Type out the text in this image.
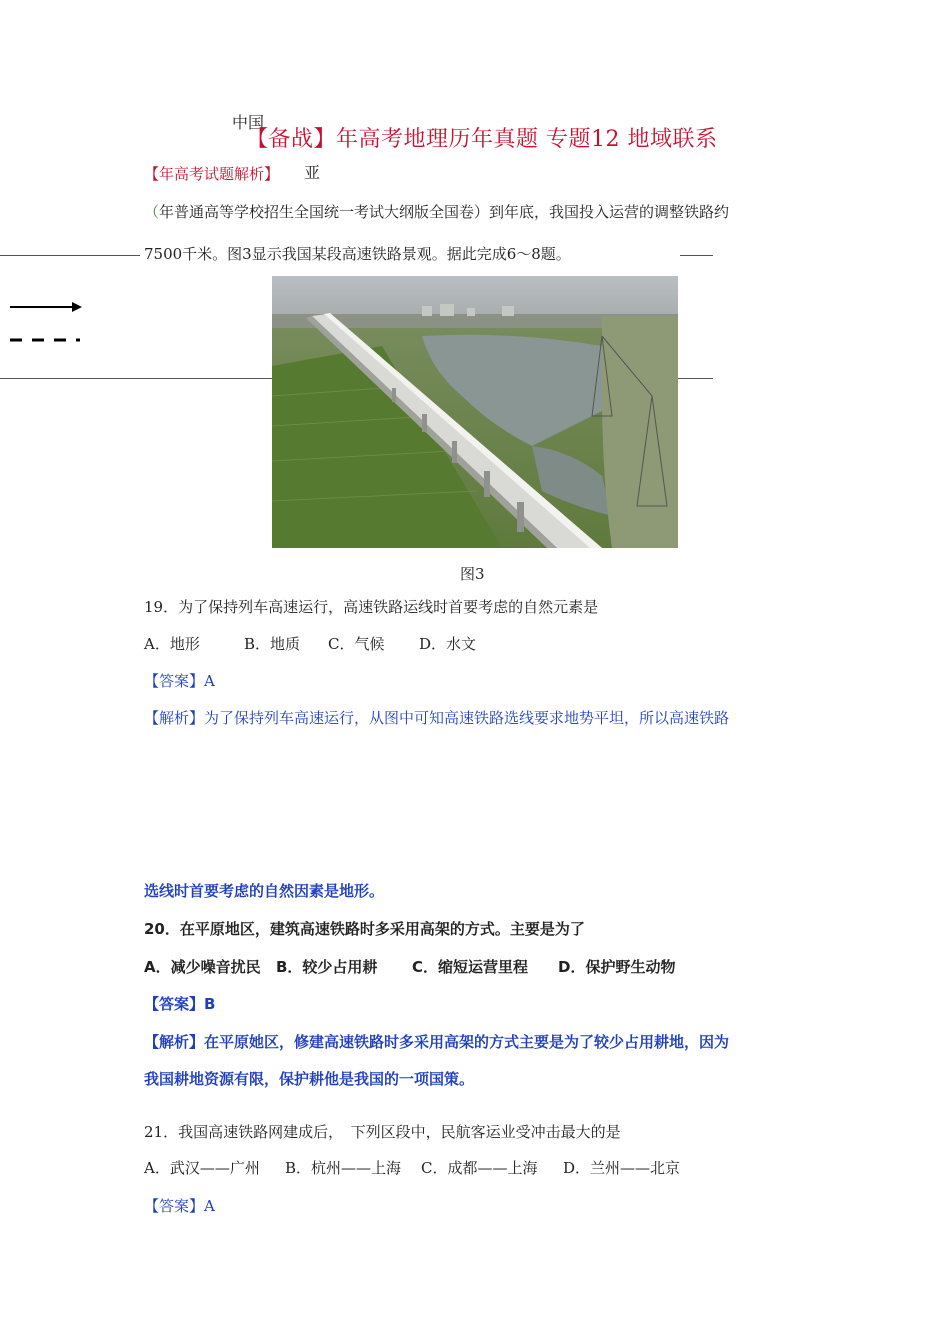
中国
【备战】年高考地理历年真题 专题12 地域联系
亚
【年高考试题解析】
（年普通高等学校招生全国统一考试大纲版全国卷）到年底，我国投入运营的调整铁路约
7500千米。图3显示我国某段高速铁路景观。据此完成6～8题。
图3
19．为了保持列车高速运行，高速铁路运线时首要考虑的自然元素是
A．地形	B．地质 C．气候 D．水文
【答案】A
【解析】为了保持列车高速运行，从图中可知高速铁路选线要求地势平坦，所以高速铁路
选线时首要考虑的自然因素是地形。
20．在平原地区，建筑高速铁路时多采用高架的方式。主要是为了
A．减少噪音扰民 B．较少占用耕 C．缩短运营里程 D．保护野生动物
【答案】B
【解析】在平原她区，修建高速铁路时多采用高架的方式主要是为了较少占用耕地，因为
我国耕地资源有限，保护耕他是我国的一项国策。
21．我国高速铁路网建成后，　下列区段中，民航客运业受冲击最大的是
A．武汉——广州 B．杭州——上海 C．成都——上海 D．兰州——北京
【答案】A
